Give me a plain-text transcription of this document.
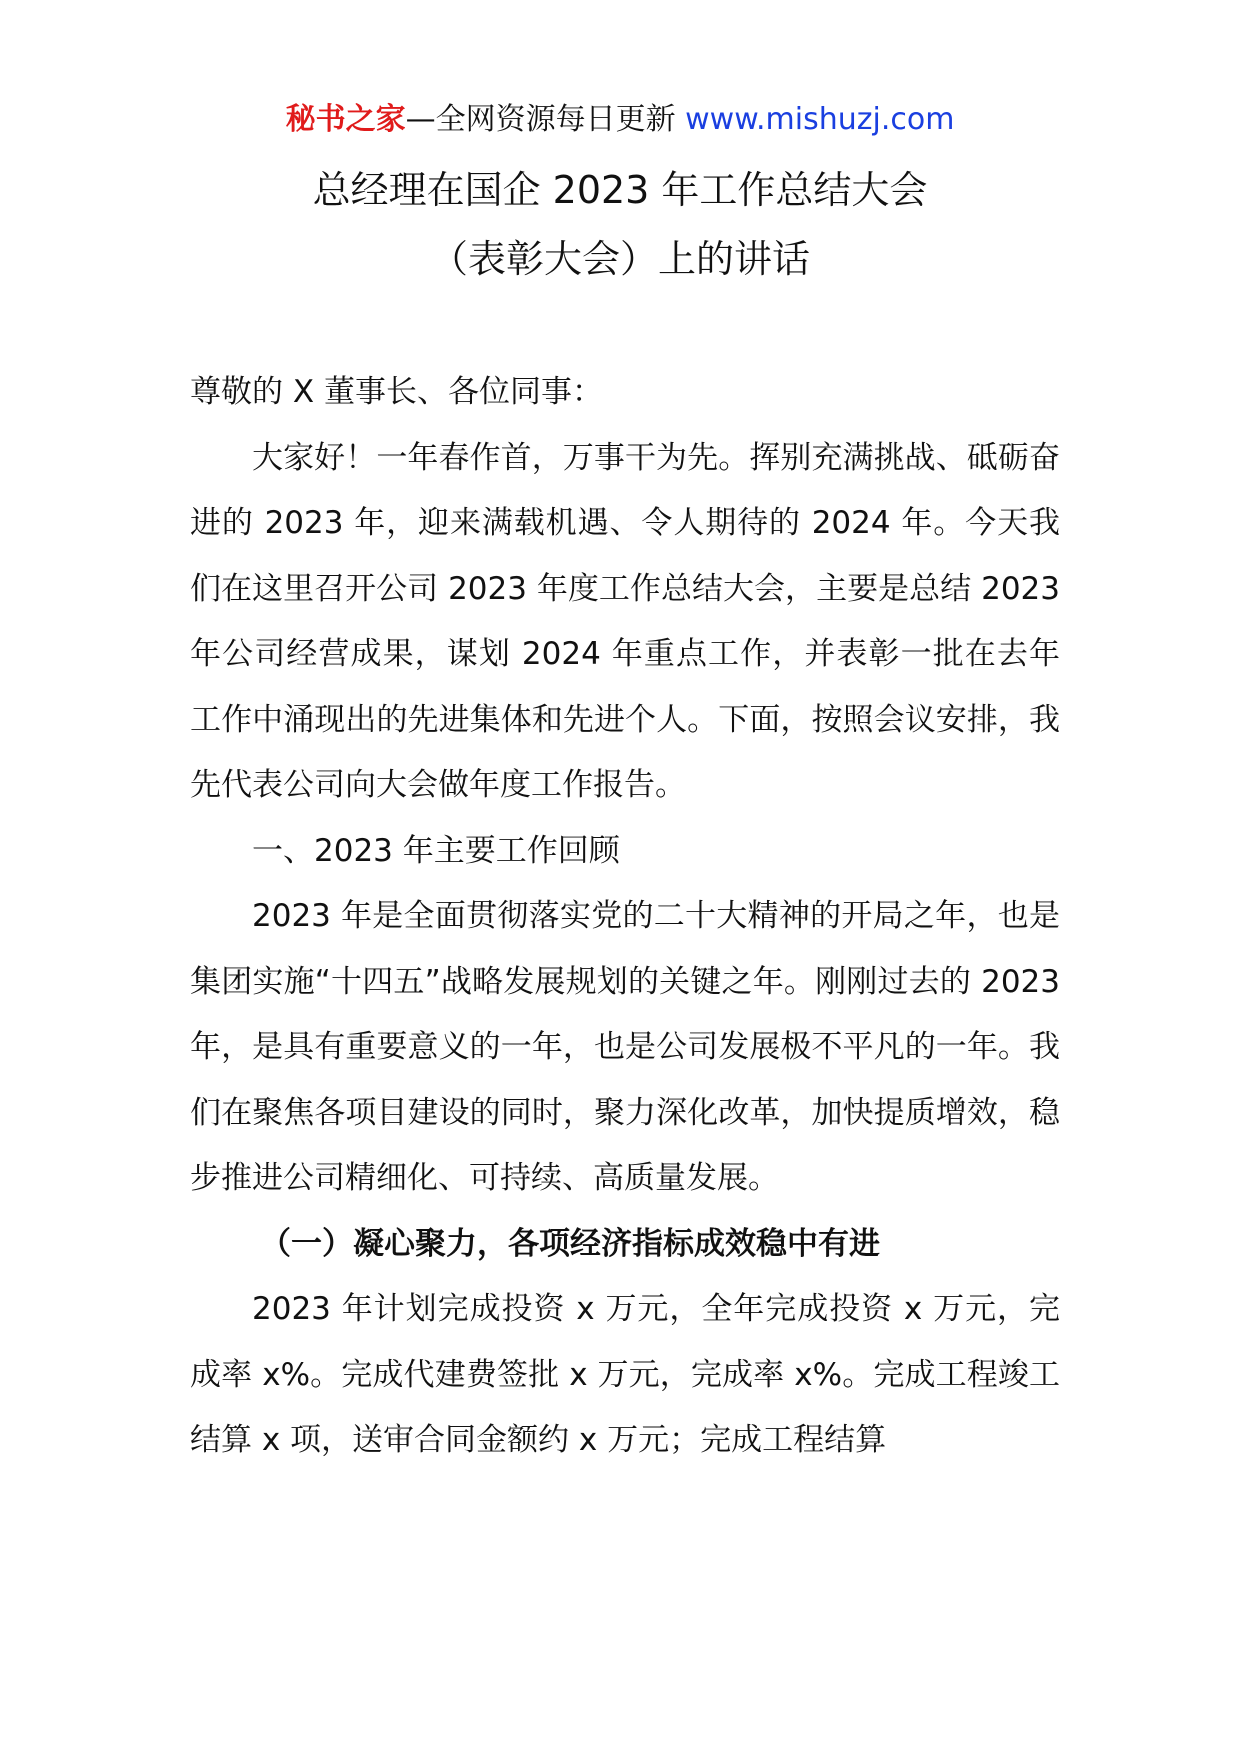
秘书之家—全网资源每日更新 www.mishuzj.com
总经理在国企 2023 年工作总结大会
（表彰大会）上的讲话

尊敬的 X 董事长、各位同事：

大家好！一年春作首，万事干为先。挥别充满挑战、砥砺奋进的 2023 年，迎来满载机遇、令人期待的 2024 年。今天我们在这里召开公司 2023 年度工作总结大会，主要是总结 2023 年公司经营成果，谋划 2024 年重点工作，并表彰一批在去年工作中涌现出的先进集体和先进个人。下面，按照会议安排，我先代表公司向大会做年度工作报告。

一、2023 年主要工作回顾

2023 年是全面贯彻落实党的二十大精神的开局之年，也是集团实施“十四五”战略发展规划的关键之年。刚刚过去的 2023 年，是具有重要意义的一年，也是公司发展极不平凡的一年。我们在聚焦各项目建设的同时，聚力深化改革，加快提质增效，稳步推进公司精细化、可持续、高质量发展。

（一）凝心聚力，各项经济指标成效稳中有进

2023 年计划完成投资 x 万元，全年完成投资 x 万元，完成率 x%。完成代建费签批 x 万元，完成率 x%。完成工程竣工结算 x 项，送审合同金额约 x 万元；完成工程结算
